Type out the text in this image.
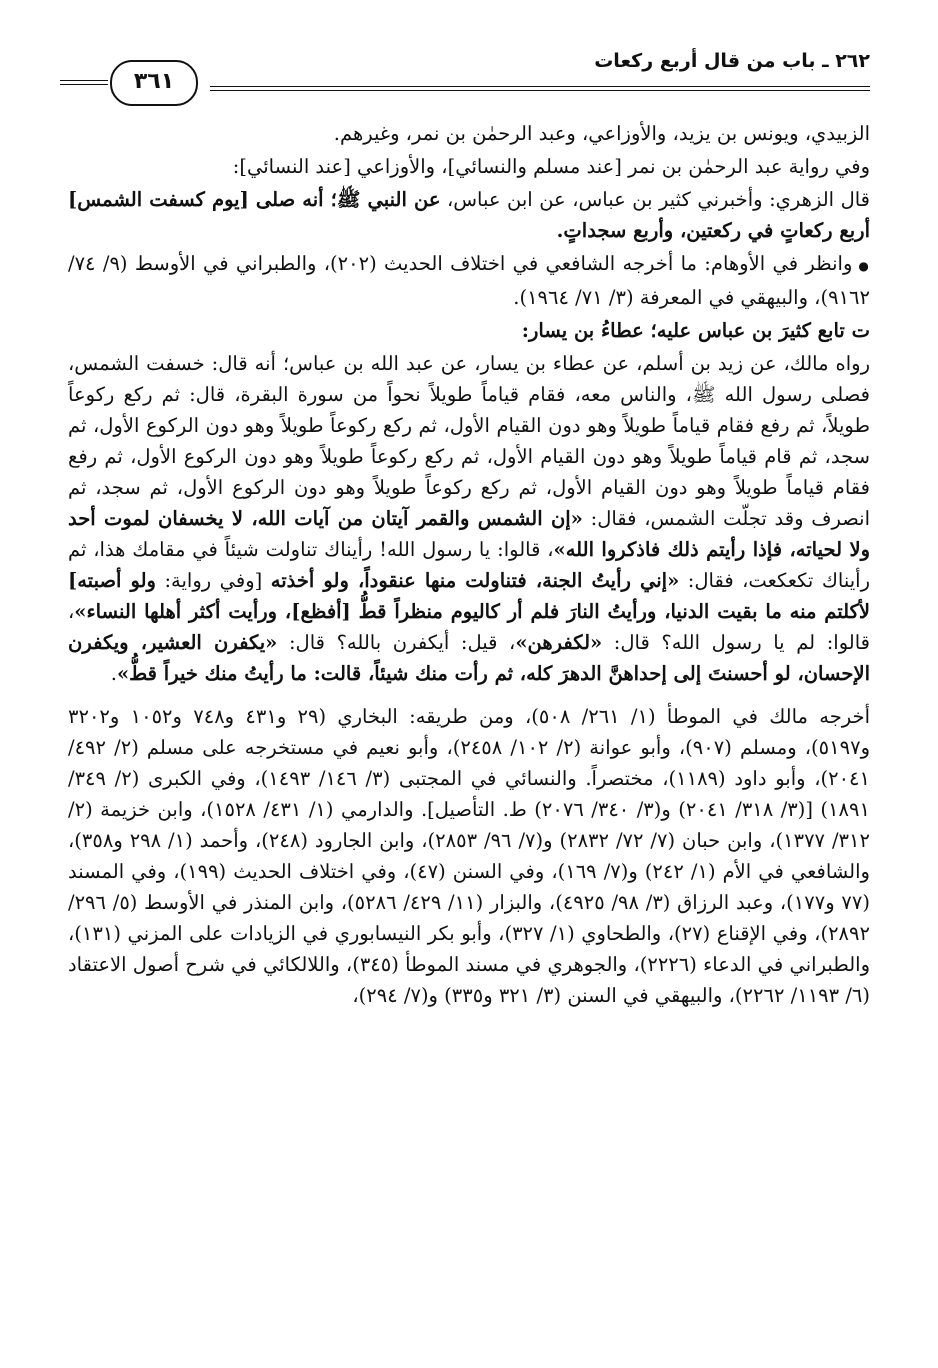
٢٦٢ ـ باب من قال أربع ركعات
٣٦١

الزبيدي، ويونس بن يزيد، والأوزاعي، وعبد الرحمٰن بن نمر، وغيرهم.

وفي رواية عبد الرحمٰن بن نمر [عند مسلم والنسائي]، والأوزاعي [عند النسائي]:

قال الزهري: وأخبرني كثير بن عباس، عن ابن عباس، عن النبي ﷺ؛ أنه صلى [يوم كسفت الشمس] أربع ركعاتٍ في ركعتين، وأربع سجداتٍ.

●وانظر في الأوهام: ما أخرجه الشافعي في اختلاف الحديث (٢٠٢)، والطبراني في الأوسط (٩/ ٧٤/ ٩١٦٢)، والبيهقي في المعرفة (٣/ ٧١/ ١٩٦٤).

ت تابع كثيرَ بن عباس عليه؛ عطاءُ بن يسار:

رواه مالك، عن زيد بن أسلم، عن عطاء بن يسار، عن عبد الله بن عباس؛ أنه قال: خسفت الشمس، فصلى رسول الله ﷺ، والناس معه، فقام قياماً طويلاً نحواً من سورة البقرة، قال: ثم ركع ركوعاً طويلاً، ثم رفع فقام قياماً طويلاً وهو دون القيام الأول، ثم ركع ركوعاً طويلاً وهو دون الركوع الأول، ثم سجد، ثم قام قياماً طويلاً وهو دون القيام الأول، ثم ركع ركوعاً طويلاً وهو دون الركوع الأول، ثم رفع فقام قياماً طويلاً وهو دون القيام الأول، ثم ركع ركوعاً طويلاً وهو دون الركوع الأول، ثم سجد، ثم انصرف وقد تجلّت الشمس، فقال: «إن الشمس والقمر آيتان من آيات الله، لا يخسفان لموت أحد ولا لحياته، فإذا رأيتم ذلك فاذكروا الله»، قالوا: يا رسول الله! رأيناك تناولت شيئاً في مقامك هذا، ثم رأيناك تكعكعت، فقال: «إني رأيتُ الجنة، فتناولت منها عنقوداً، ولو أخذته [وفي رواية: ولو أصبته] لأكلتم منه ما بقيت الدنيا، ورأيتُ النارَ فلم أر كاليوم منظراً قطُّ [أفظع]، ورأيت أكثر أهلها النساء»، قالوا: لم يا رسول الله؟ قال: «لكفرهن»، قيل: أيكفرن بالله؟ قال: «يكفرن العشير، ويكفرن الإحسان، لو أحسنتَ إلى إحداهنَّ الدهرَ كله، ثم رأت منك شيئاً، قالت: ما رأيتُ منك خيراً قطُّ».

أخرجه مالك في الموطأ (١/ ٢٦١/ ٥٠٨)، ومن طريقه: البخاري (٢٩ و٤٣١ و٧٤٨ و١٠٥٢ و٣٢٠٢ و٥١٩٧)، ومسلم (٩٠٧)، وأبو عوانة (٢/ ١٠٢/ ٢٤٥٨)، وأبو نعيم في مستخرجه على مسلم (٢/ ٤٩٢/ ٢٠٤١)، وأبو داود (١١٨٩)، مختصراً. والنسائي في المجتبى (٣/ ١٤٦/ ١٤٩٣)، وفي الكبرى (٢/ ٣٤٩/ ١٨٩١) [(٣/ ٣١٨/ ٢٠٤١) و(٣/ ٣٤٠/ ٢٠٧٦) ط. التأصيل]. والدارمي (١/ ٤٣١/ ١٥٢٨)، وابن خزيمة (٢/ ٣١٢/ ١٣٧٧)، وابن حبان (٧/ ٧٢/ ٢٨٣٢) و(٧/ ٩٦/ ٢٨٥٣)، وابن الجارود (٢٤٨)، وأحمد (١/ ٢٩٨ و٣٥٨)، والشافعي في الأم (١/ ٢٤٢) و(٧/ ١٦٩)، وفي السنن (٤٧)، وفي اختلاف الحديث (١٩٩)، وفي المسند (٧٧ و١٧٧)، وعبد الرزاق (٣/ ٩٨/ ٤٩٢٥)، والبزار (١١/ ٤٢٩/ ٥٢٨٦)، وابن المنذر في الأوسط (٥/ ٢٩٦/ ٢٨٩٢)، وفي الإقناع (٢٧)، والطحاوي (١/ ٣٢٧)، وأبو بكر النيسابوري في الزيادات على المزني (١٣١)، والطبراني في الدعاء (٢٢٢٦)، والجوهري في مسند الموطأ (٣٤٥)، واللالكائي في شرح أصول الاعتقاد (٦/ ١١٩٣/ ٢٢٦٢)، والبيهقي في السنن (٣/ ٣٢١ و٣٣٥) و(٧/ ٢٩٤)،
